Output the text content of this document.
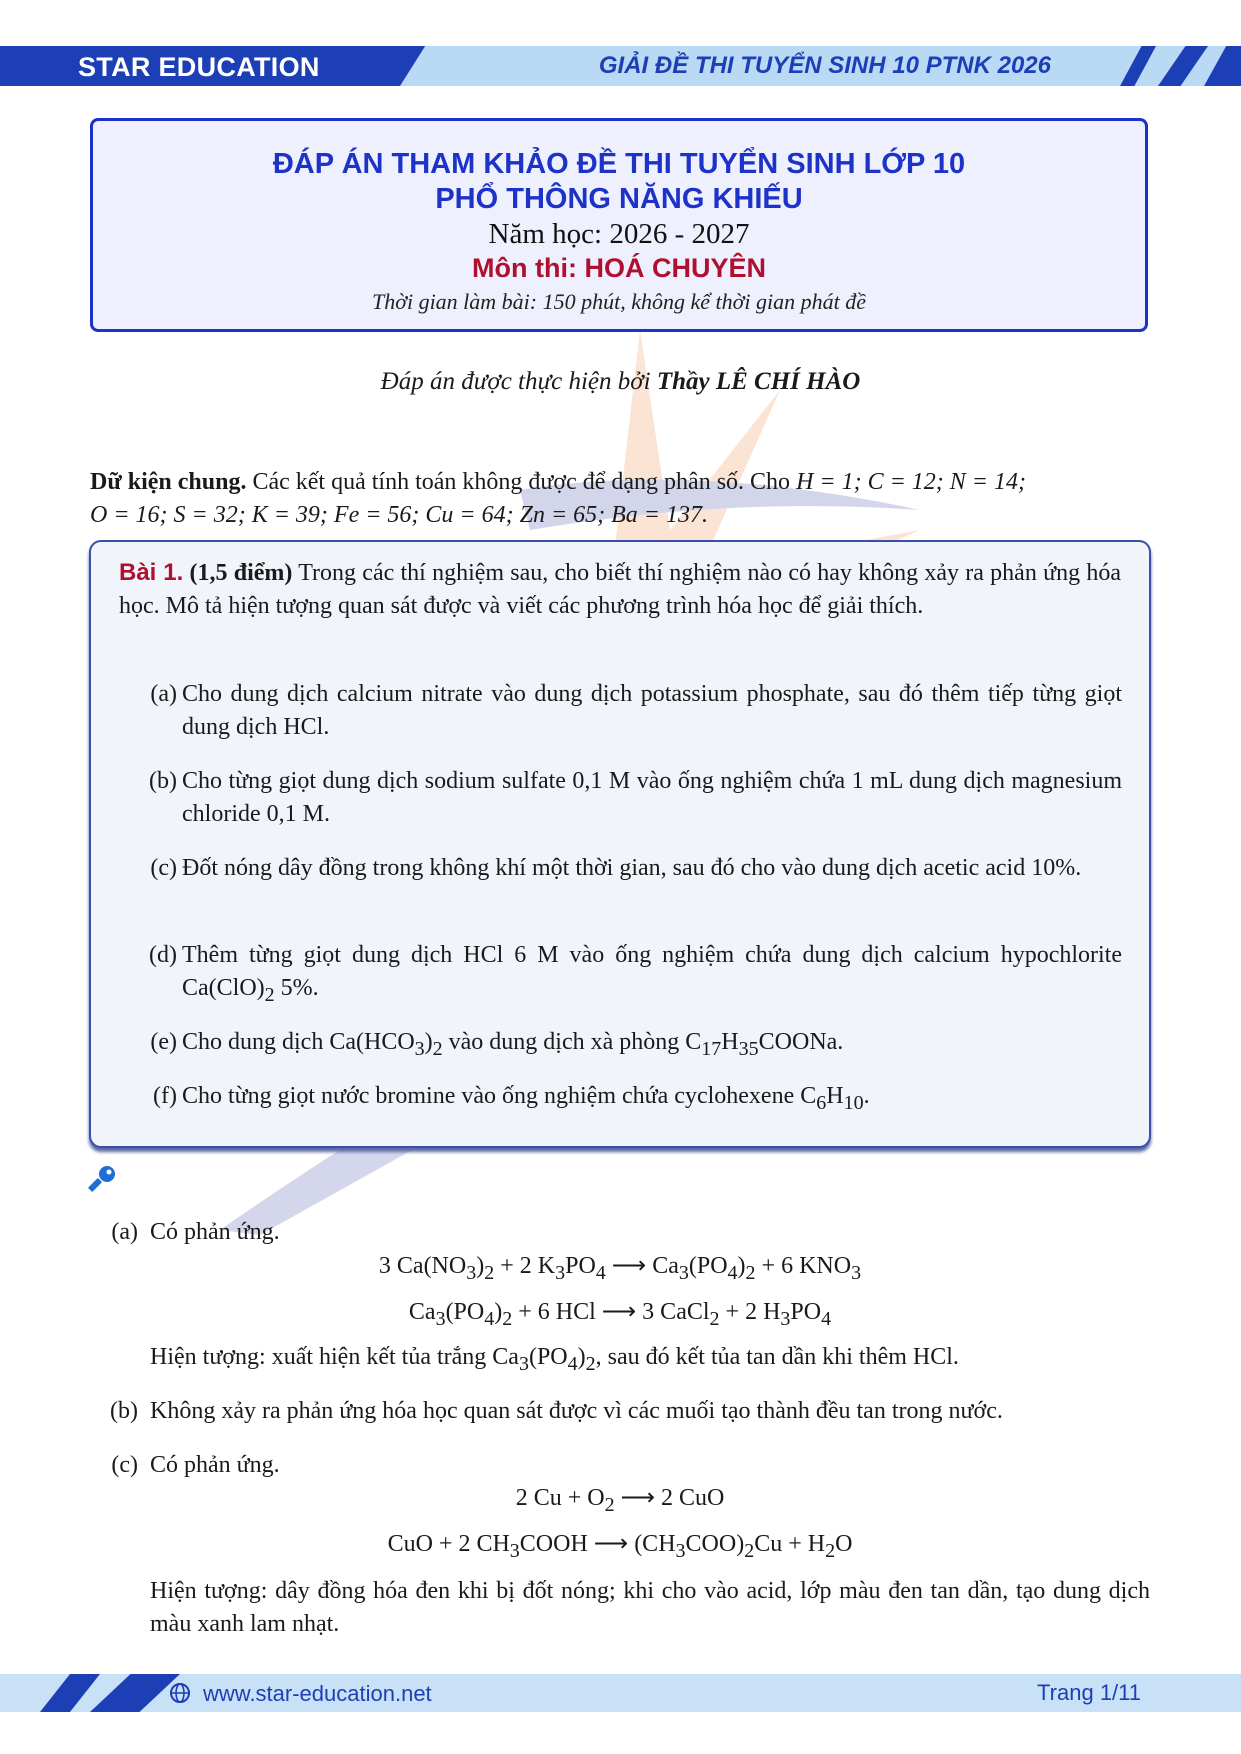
STAR EDUCATION	GIẢI ĐỀ THI TUYỂN SINH 10 PTNK 2026
ĐÁP ÁN THAM KHẢO ĐỀ THI TUYỂN SINH LỚP 10
PHỔ THÔNG NĂNG KHIẾU
Năm học: 2026 - 2027
Môn thi: HOÁ CHUYÊN
Thời gian làm bài: 150 phút, không kể thời gian phát đề
Đáp án được thực hiện bởi Thầy LÊ CHÍ HÀO
Dữ kiện chung. Các kết quả tính toán không được để dạng phân số. Cho H = 1; C = 12; N = 14;
O = 16; S = 32; K = 39; Fe = 56; Cu = 64; Zn = 65; Ba = 137.
Bài 1. (1,5 điểm) Trong các thí nghiệm sau, cho biết thí nghiệm nào có hay không xảy ra phản ứng hóa học. Mô tả hiện tượng quan sát được và viết các phương trình hóa học để giải thích.
(a) Cho dung dịch calcium nitrate vào dung dịch potassium phosphate, sau đó thêm tiếp từng giọt dung dịch HCl.
(b) Cho từng giọt dung dịch sodium sulfate 0,1 M vào ống nghiệm chứa 1 mL dung dịch magnesium chloride 0,1 M.
(c) Đốt nóng dây đồng trong không khí một thời gian, sau đó cho vào dung dịch acetic acid 10%.
(d) Thêm từng giọt dung dịch HCl 6 M vào ống nghiệm chứa dung dịch calcium hypochlorite $Ca(ClO)_2$ 5%.
(e) Cho dung dịch $Ca(HCO_3)_2$ vào dung dịch xà phòng $C_{17}H_{35}COONa$.
(f) Cho từng giọt nước bromine vào ống nghiệm chứa cyclohexene $C_6H_{10}$.
(a) Có phản ứng.
3 $Ca(NO_3)_2 + 2$ $K_3PO_4$ ⟶ $Ca_3(PO_4)_2 + 6$ $KNO_3$
$Ca_3(PO_4)_2 + 6$ HCl ⟶ 3 CaCl$_2$ + 2 $H_3PO_4$
Hiện tượng: xuất hiện kết tủa trắng $Ca_3(PO_4)_2$, sau đó kết tủa tan dần khi thêm HCl.
(b) Không xảy ra phản ứng hóa học quan sát được vì các muối tạo thành đều tan trong nước.
(c) Có phản ứng.
2 $Cu + O_2$ ⟶ 2 CuO
CuO + 2 $CH_3COOH$ ⟶ $(CH_3COO)_2Cu + H_2O$
Hiện tượng: dây đồng hóa đen khi bị đốt nóng; khi cho vào acid, lớp màu đen tan dần, tạo dung dịch màu xanh lam nhạt.
www.star-education.net	Trang 1/11
